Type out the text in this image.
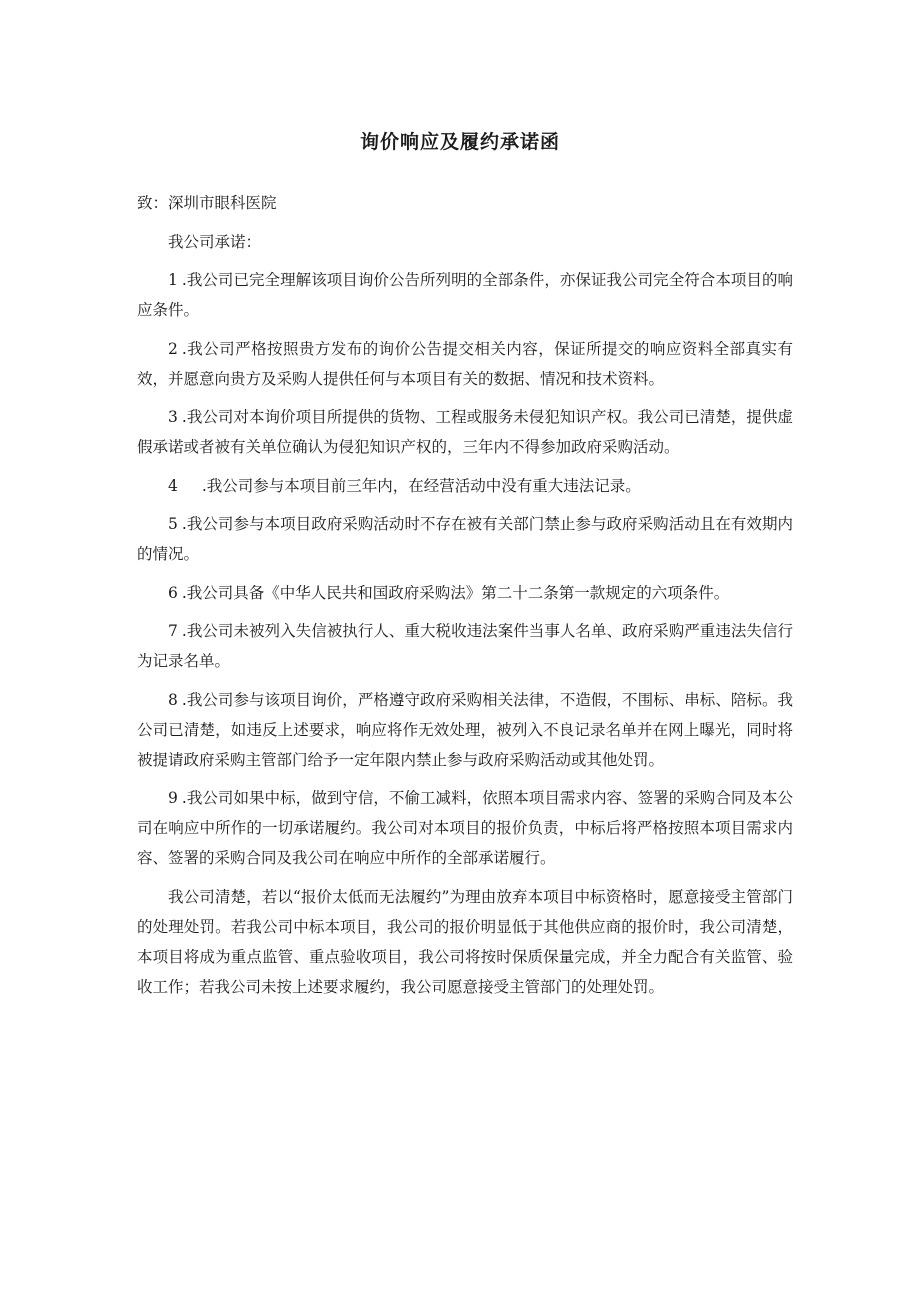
询价响应及履约承诺函

致：深圳市眼科医院

我公司承诺：

1 .我公司已完全理解该项目询价公告所列明的全部条件，亦保证我公司完全符合本项目的响应条件。

2 .我公司严格按照贵方发布的询价公告提交相关内容，保证所提交的响应资料全部真实有效，并愿意向贵方及采购人提供任何与本项目有关的数据、情况和技术资料。

3 .我公司对本询价项目所提供的货物、工程或服务未侵犯知识产权。我公司已清楚，提供虚假承诺或者被有关单位确认为侵犯知识产权的，三年内不得参加政府采购活动。

4 .我公司参与本项目前三年内，在经营活动中没有重大违法记录。

5 .我公司参与本项目政府采购活动时不存在被有关部门禁止参与政府采购活动且在有效期内的情况。

6 .我公司具备《中华人民共和国政府采购法》第二十二条第一款规定的六项条件。

7 .我公司未被列入失信被执行人、重大税收违法案件当事人名单、政府采购严重违法失信行为记录名单。

8 .我公司参与该项目询价，严格遵守政府采购相关法律，不造假，不围标、串标、陪标。我公司已清楚，如违反上述要求，响应将作无效处理，被列入不良记录名单并在网上曝光，同时将被提请政府采购主管部门给予一定年限内禁止参与政府采购活动或其他处罚。

9 .我公司如果中标，做到守信，不偷工减料，依照本项目需求内容、签署的采购合同及本公司在响应中所作的一切承诺履约。我公司对本项目的报价负责，中标后将严格按照本项目需求内容、签署的采购合同及我公司在响应中所作的全部承诺履行。

我公司清楚，若以“报价太低而无法履约”为理由放弃本项目中标资格时，愿意接受主管部门的处理处罚。若我公司中标本项目，我公司的报价明显低于其他供应商的报价时，我公司清楚，本项目将成为重点监管、重点验收项目，我公司将按时保质保量完成，并全力配合有关监管、验收工作；若我公司未按上述要求履约，我公司愿意接受主管部门的处理处罚。
